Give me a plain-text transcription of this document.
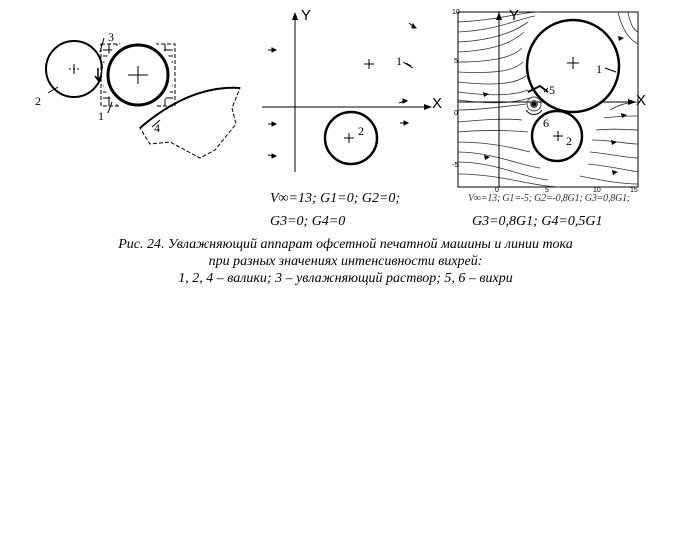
2
1
3
4
Y
X
1
2
V∞=13; G1=0; G2=0;
G3=0; G4=0
Y
X
10
5
0
-5
0	5	10	15
1
2
5
6
V∞=13; G1=-5; G2=-0,8G1; G3=0,8G1;
G3=0,8G1; G4=0,5G1
Рис. 24. Увлажняющий аппарат офсетной печатной машины и линии тока
при разных значениях интенсивности вихрей:
1, 2, 4 – валики; 3 – увлажняющий раствор; 5, 6 – вихри
